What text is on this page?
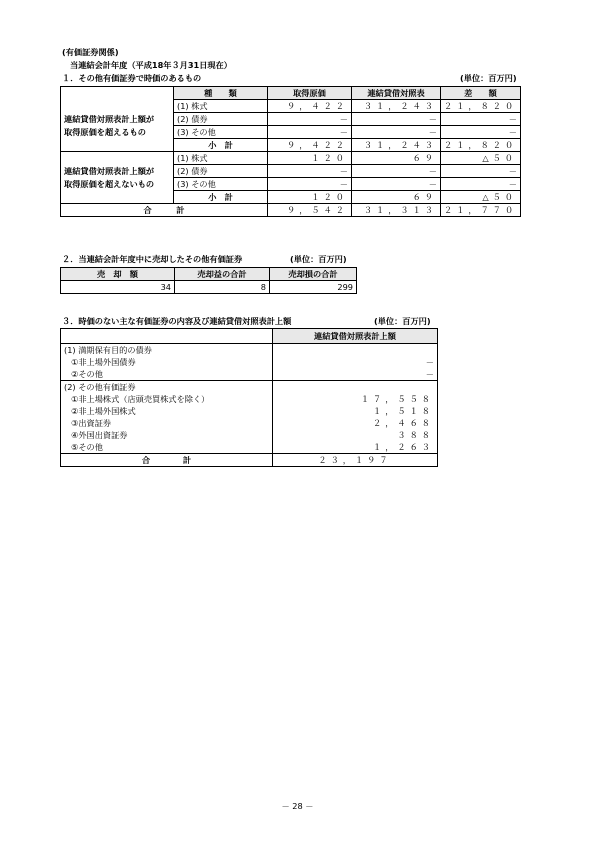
(有価証券関係)
当連結会計年度（平成18年３月31日現在）
１．その他有価証券で時価のあるもの	(単位：百万円)
	種　　類	取得原価	連結貸借対照表	差　　額
	(1) 株式	９，４２２	３１，２４３	２１，８２０
連結貸借対照表計上額が	(2) 債券	－	－	－
取得原価を超えるもの	(3) その他	－	－	－
	小　計	９，４２２	３１，２４３	２１，８２０
	(1) 株式	１２０	６９	△５０
連結貸借対照表計上額が	(2) 債券	－	－	－
取得原価を超えないもの	(3) その他	－	－	－
	小　計	１２０	６９	△５０
合　　　計		９，５４２	３１，３１３	２１，７７０
２．当連結会計年度中に売却したその他有価証券	(単位：百万円)
売　却　額	売却益の合計	売却損の合計
34	8	299
３．時価のない主な有価証券の内容及び連結貸借対照表計上額	(単位：百万円)
	連結貸借対照表計上額
(1) 満期保有目的の債券	
①非上場外国債券	－
②その他	－
(2) その他有価証券	
①非上場株式（店頭売買株式を除く）	１７，５５８
②非上場外国株式	１，５１８
③出資証券	２，４６８
④外国出資証券	３８８
⑤その他	１，２６３
合　　　　計	２３，１９７
－ 28 －
